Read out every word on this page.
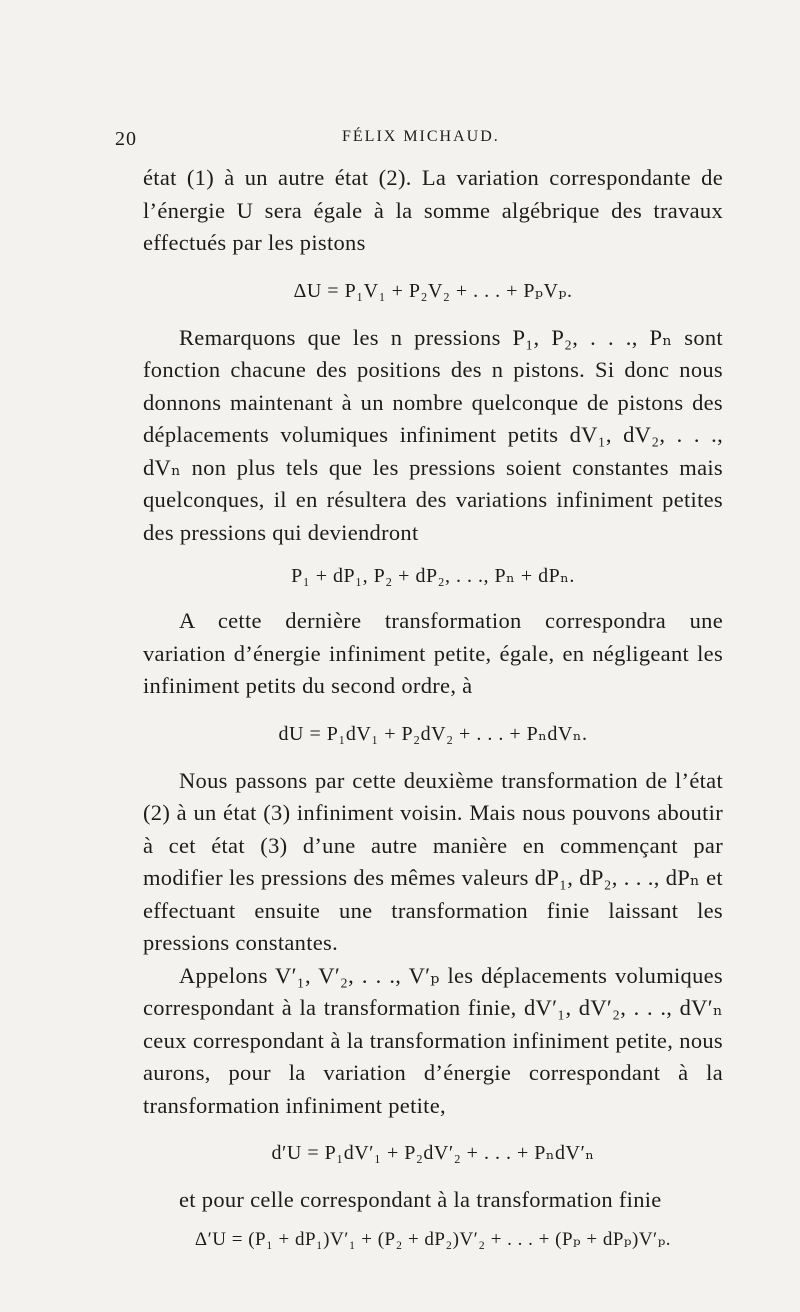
20	FÉLIX MICHAUD.

état (1) à un autre état (2). La variation correspondante de l’énergie U sera égale à la somme algébrique des travaux effectués par les pistons

ΔU = P₁V₁ + P₂V₂ + . . . + PₚVₚ.

Remarquons que les n pressions P₁, P₂, . . ., Pₙ sont fonction chacune des positions des n pistons. Si donc nous donnons maintenant à un nombre quelconque de pistons des déplacements volumiques infiniment petits dV₁, dV₂, . . ., dVₙ non plus tels que les pressions soient constantes mais quelconques, il en résultera des variations infiniment petites des pressions qui deviendront

P₁ + dP₁, P₂ + dP₂, . . ., Pₙ + dPₙ.

A cette dernière transformation correspondra une variation d’énergie infiniment petite, égale, en négligeant les infiniment petits du second ordre, à

dU = P₁dV₁ + P₂dV₂ + . . . + PₙdVₙ.

Nous passons par cette deuxième transformation de l’état (2) à un état (3) infiniment voisin. Mais nous pouvons aboutir à cet état (3) d’une autre manière en commençant par modifier les pressions des mêmes valeurs dP₁, dP₂, . . ., dPₙ et effectuant ensuite une transformation finie laissant les pressions constantes.

Appelons V′₁, V′₂, . . ., V′ₚ les déplacements volumiques correspondant à la transformation finie, dV′₁, dV′₂, . . ., dV′ₙ ceux correspondant à la transformation infiniment petite, nous aurons, pour la variation d’énergie correspondant à la transformation infiniment petite,

d′U = P₁dV′₁ + P₂dV′₂ + . . . + PₙdV′ₙ

et pour celle correspondant à la transformation finie

Δ′U = (P₁ + dP₁)V′₁ + (P₂ + dP₂)V′₂ + . . . + (Pₚ + dPₚ)V′ₚ.
